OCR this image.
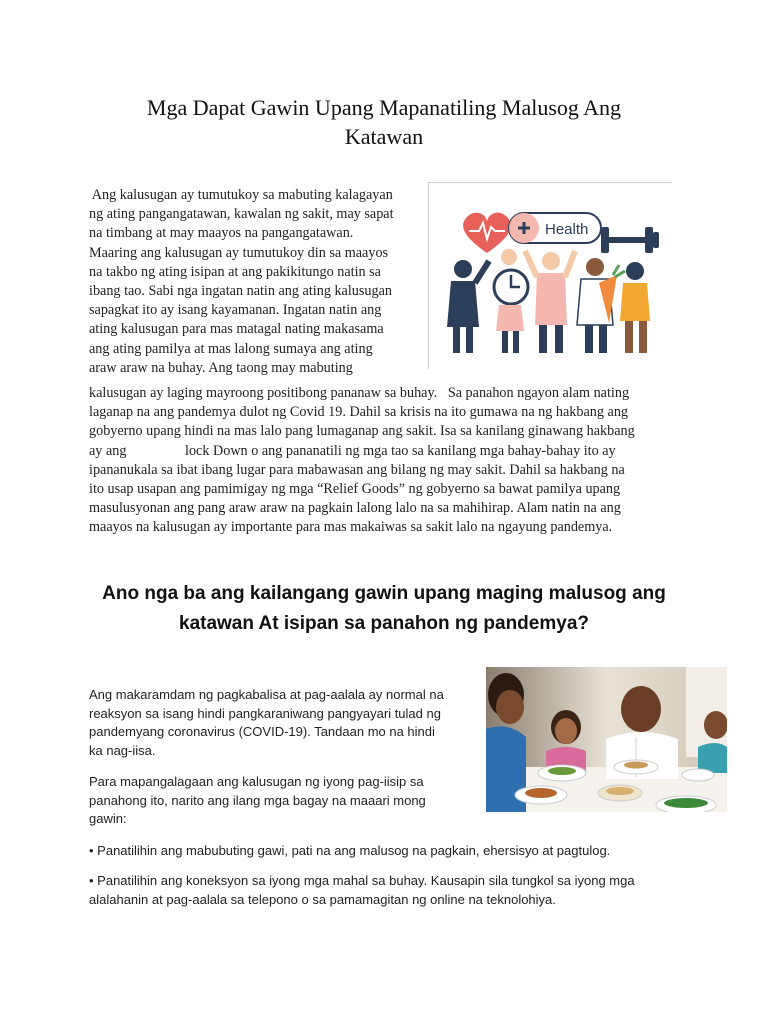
Mga Dapat Gawin Upang Mapanatiling Malusog Ang Katawan
Ang kalusugan ay tumutukoy sa mabuting kalagayan
ng ating pangangatawan, kawalan ng sakit, may sapat
na timbang at may maayos na pangangatawan.
Maaring ang kalusugan ay tumutukoy din sa maayos
na takbo ng ating isipan at ang pakikitungo natin sa
ibang tao. Sabi nga ingatan natin ang ating kalusugan
sapagkat ito ay isang kayamanan. Ingatan natin ang
ating kalusugan para mas matagal nating makasama
ang ating pamilya at mas lalong sumaya ang ating
araw araw na buhay. Ang taong may mabuting
Health
kalusugan ay laging mayroong positibong pananaw sa buhay.   Sa panahon ngayon alam nating
laganap na ang pandemya dulot ng Covid 19. Dahil sa krisis na ito gumawa na ng hakbang ang
gobyerno upang hindi na mas lalo pang lumaganap ang sakit. Isa sa kanilang ginawang hakbang
ay ang	lock Down o ang pananatili ng mga tao sa kanilang mga bahay-bahay ito ay
ipananukala sa ibat ibang lugar para mabawasan ang bilang ng may sakit. Dahil sa hakbang na
ito usap usapan ang pamimigay ng mga “Relief Goods” ng gobyerno sa bawat pamilya upang
masulusyonan ang pang araw araw na pagkain lalong lalo na sa mahihirap. Alam natin na ang
maayos na kalusugan ay importante para mas makaiwas sa sakit lalo na ngayung pandemya.
Ano nga ba ang kailangang gawin upang maging malusog ang katawan At isipan sa panahon ng pandemya?
Ang makaramdam ng pagkabalisa at pag-aalala ay normal na
reaksyon sa isang hindi pangkaraniwang pangyayari tulad ng
pandemyang coronavirus (COVID-19). Tandaan mo na hindi
ka nag-iisa.
Para mapangalagaan ang kalusugan ng iyong pag-iisip sa
panahong ito, narito ang ilang mga bagay na maaari mong
gawin:
• Panatilihin ang mabubuting gawi, pati na ang malusog na pagkain, ehersisyo at pagtulog.
• Panatilihin ang koneksyon sa iyong mga mahal sa buhay. Kausapin sila tungkol sa iyong mga
alalahanin at pag-aalala sa telepono o sa pamamagitan ng online na teknolohiya.
